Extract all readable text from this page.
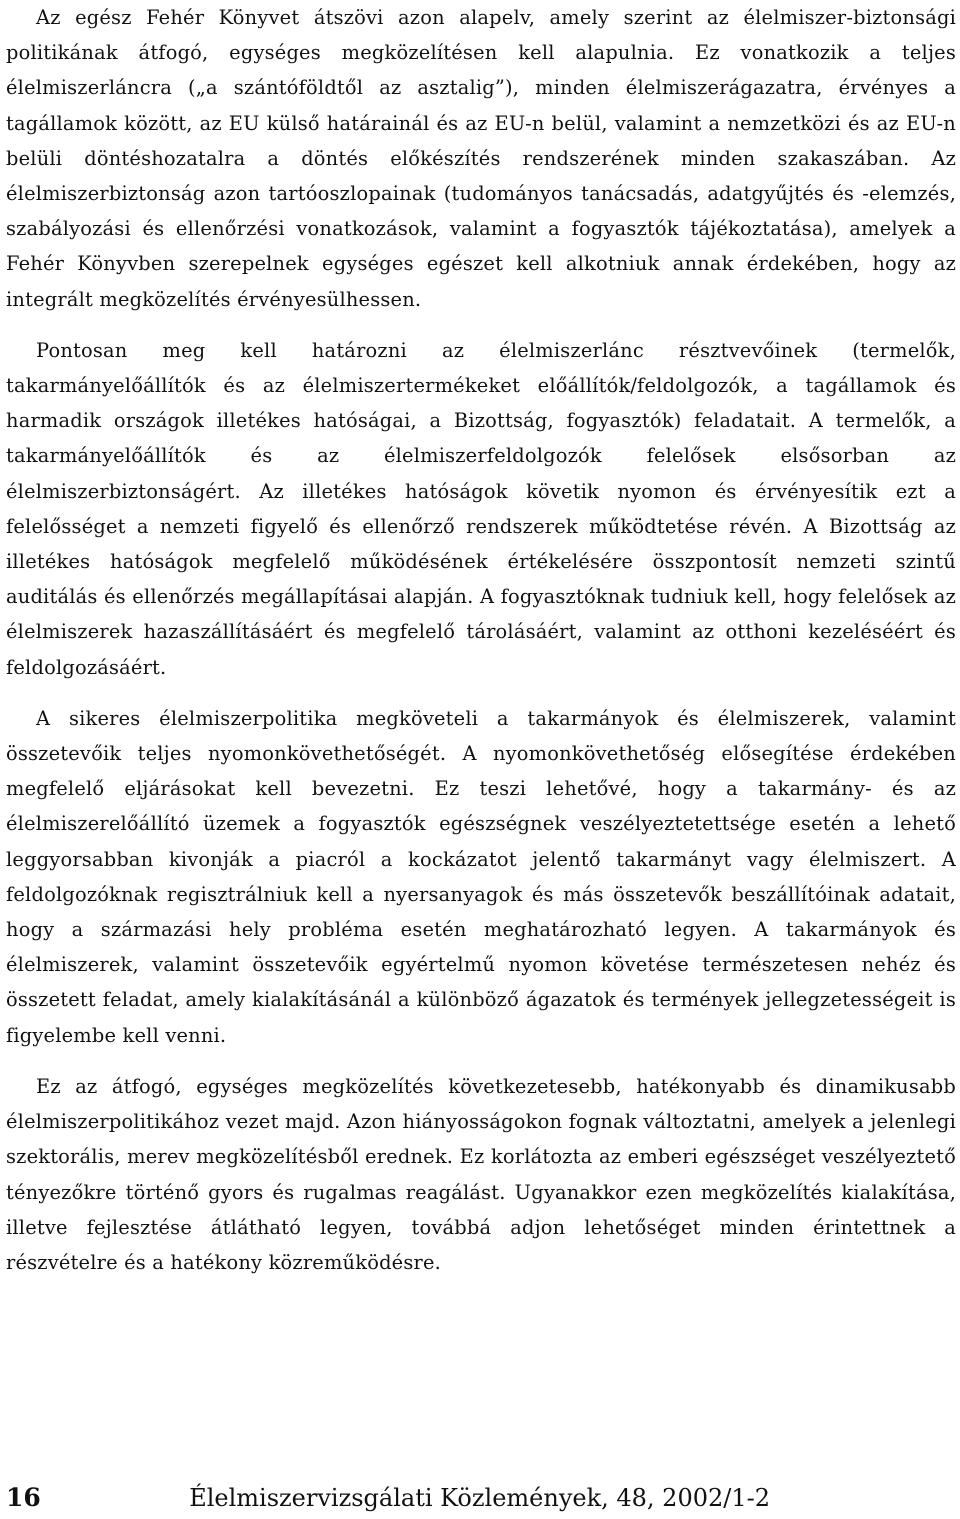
Az egész Fehér Könyvet átszövi azon alapelv, amely szerint az élelmiszer-biztonsági politikának átfogó, egységes megközelítésen kell alapulnia. Ez vonatkozik a teljes élelmiszerláncra („a szántóföldtől az asztalig”), minden élelmiszerágazatra, érvényes a tagállamok között, az EU külső határainál és az EU-n belül, valamint a nemzetközi és az EU-n belüli döntéshozatalra a döntés előkészítés rendszerének minden szakaszában. Az élelmiszerbiztonság azon tartóoszlopainak (tudományos tanácsadás, adatgyűjtés és -elemzés, szabályozási és ellenőrzési vonatkozások, valamint a fogyasztók tájékoztatása), amelyek a Fehér Könyvben szerepelnek egységes egészet kell alkotniuk annak érdekében, hogy az integrált megközelítés érvényesülhessen.

Pontosan meg kell határozni az élelmiszerlánc résztvevőinek (termelők, takarmányelőállítók és az élelmiszertermékeket előállítók/feldolgozók, a tagállamok és harmadik országok illetékes hatóságai, a Bizottság, fogyasztók) feladatait. A termelők, a takarmányelőállítók és az élelmiszerfeldolgozók felelősek elsősorban az élelmiszerbiztonságért. Az illetékes hatóságok követik nyomon és érvényesítik ezt a felelősséget a nemzeti figyelő és ellenőrző rendszerek működtetése révén. A Bizottság az illetékes hatóságok megfelelő működésének értékelésére összpontosít nemzeti szintű auditálás és ellenőrzés megállapításai alapján. A fogyasztóknak tudniuk kell, hogy felelősek az élelmiszerek hazaszállításáért és megfelelő tárolásáért, valamint az otthoni kezeléséért és feldolgozásáért.

A sikeres élelmiszerpolitika megköveteli a takarmányok és élelmiszerek, valamint összetevőik teljes nyomonkövethetőségét. A nyomonkövethetőség elősegítése érdekében megfelelő eljárásokat kell bevezetni. Ez teszi lehetővé, hogy a takarmány- és az élelmiszerelőállító üzemek a fogyasztók egészségnek veszélyeztetettsége esetén a lehető leggyorsabban kivonják a piacról a kockázatot jelentő takarmányt vagy élelmiszert. A feldolgozóknak regisztrálniuk kell a nyersanyagok és más összetevők beszállítóinak adatait, hogy a származási hely probléma esetén meghatározható legyen. A takarmányok és élelmiszerek, valamint összetevőik egyértelmű nyomon követése természetesen nehéz és összetett feladat, amely kialakításánál a különböző ágazatok és termények jellegzetességeit is figyelembe kell venni.

Ez az átfogó, egységes megközelítés következetesebb, hatékonyabb és dinamikusabb élelmiszerpolitikához vezet majd. Azon hiányosságokon fognak változtatni, amelyek a jelenlegi szektorális, merev megközelítésből erednek. Ez korlátozta az emberi egészséget veszélyeztető tényezőkre történő gyors és rugalmas reagálást. Ugyanakkor ezen megközelítés kialakítása, illetve fejlesztése átlátható legyen, továbbá adjon lehetőséget minden érintettnek a részvételre és a hatékony közreműködésre.

16	Élelmiszervizsgálati Közlemények, 48, 2002/1-2
